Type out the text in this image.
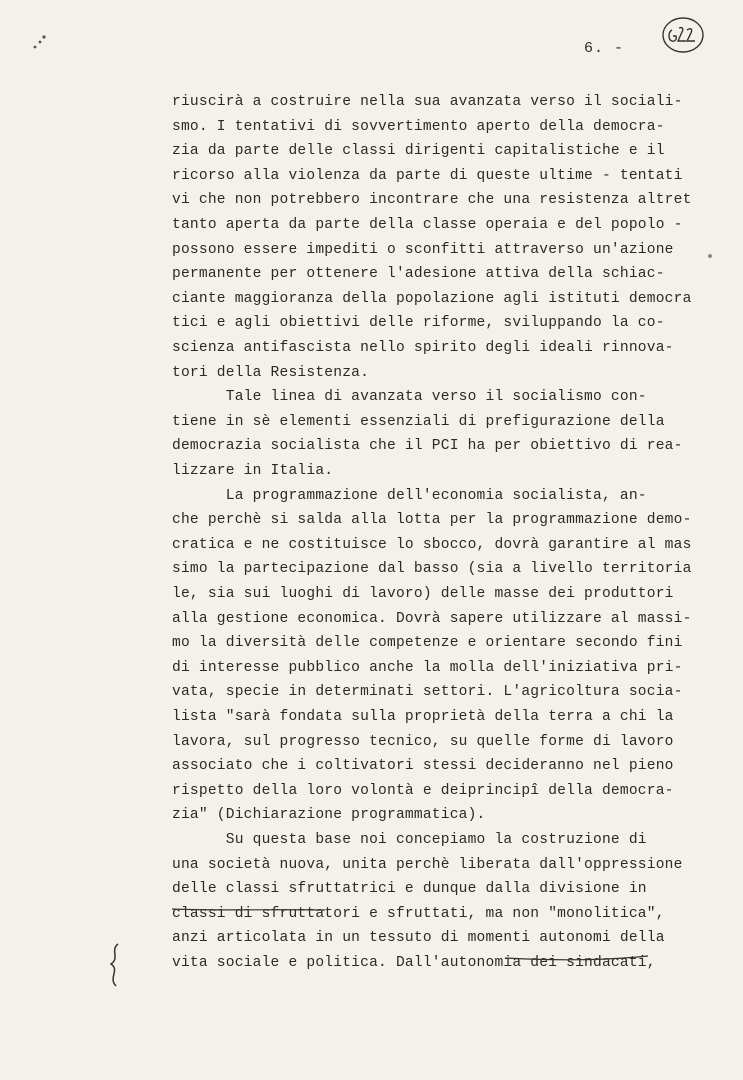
6. -
riuscirà a costruire nella sua avanzata verso il sociali-
smo. I tentativi di sovvertimento aperto della democra-
zia da parte delle classi dirigenti capitalistiche e il
ricorso alla violenza da parte di queste ultime - tentati
vi che non potrebbero incontrare che una resistenza altret
tanto aperta da parte della classe operaia e del popolo -
possono essere impediti o sconfitti attraverso un'azione
permanente per ottenere l'adesione attiva della schiac-
ciante maggioranza della popolazione agli istituti democra
tici e agli obiettivi delle riforme, sviluppando la co-
scienza antifascista nello spirito degli ideali rinnova-
tori della Resistenza.
Tale linea di avanzata verso il socialismo con-
tiene in sè elementi essenziali di prefigurazione della
democrazia socialista che il PCI ha per obiettivo di rea-
lizzare in Italia.
La programmazione dell'economia socialista, an-
che perchè si salda alla lotta per la programmazione demo-
cratica e ne costituisce lo sbocco, dovrà garantire al mas
simo la partecipazione dal basso (sia a livello territoria
le, sia sui luoghi di lavoro) delle masse dei produttori
alla gestione economica. Dovrà sapere utilizzare al massi-
mo la diversità delle competenze e orientare secondo fini
di interesse pubblico anche la molla dell'iniziativa pri-
vata, specie in determinati settori. L'agricoltura socia-
lista "sarà fondata sulla proprietà della terra a chi la
lavora, sul progresso tecnico, su quelle forme di lavoro
associato che i coltivatori stessi decideranno nel pieno
rispetto della loro volontà e deiprincipî della democra-
zia" (Dichiarazione programmatica).
Su questa base noi concepiamo la costruzione di
una società nuova, unita perchè liberata dall'oppressione
delle classi sfruttatrici e dunque dalla divisione in
classi di sfruttatori e sfruttati, ma non "monolitica",
anzi articolata in un tessuto di momenti autonomi della
vita sociale e politica. Dall'autonomia dei sindacati,
